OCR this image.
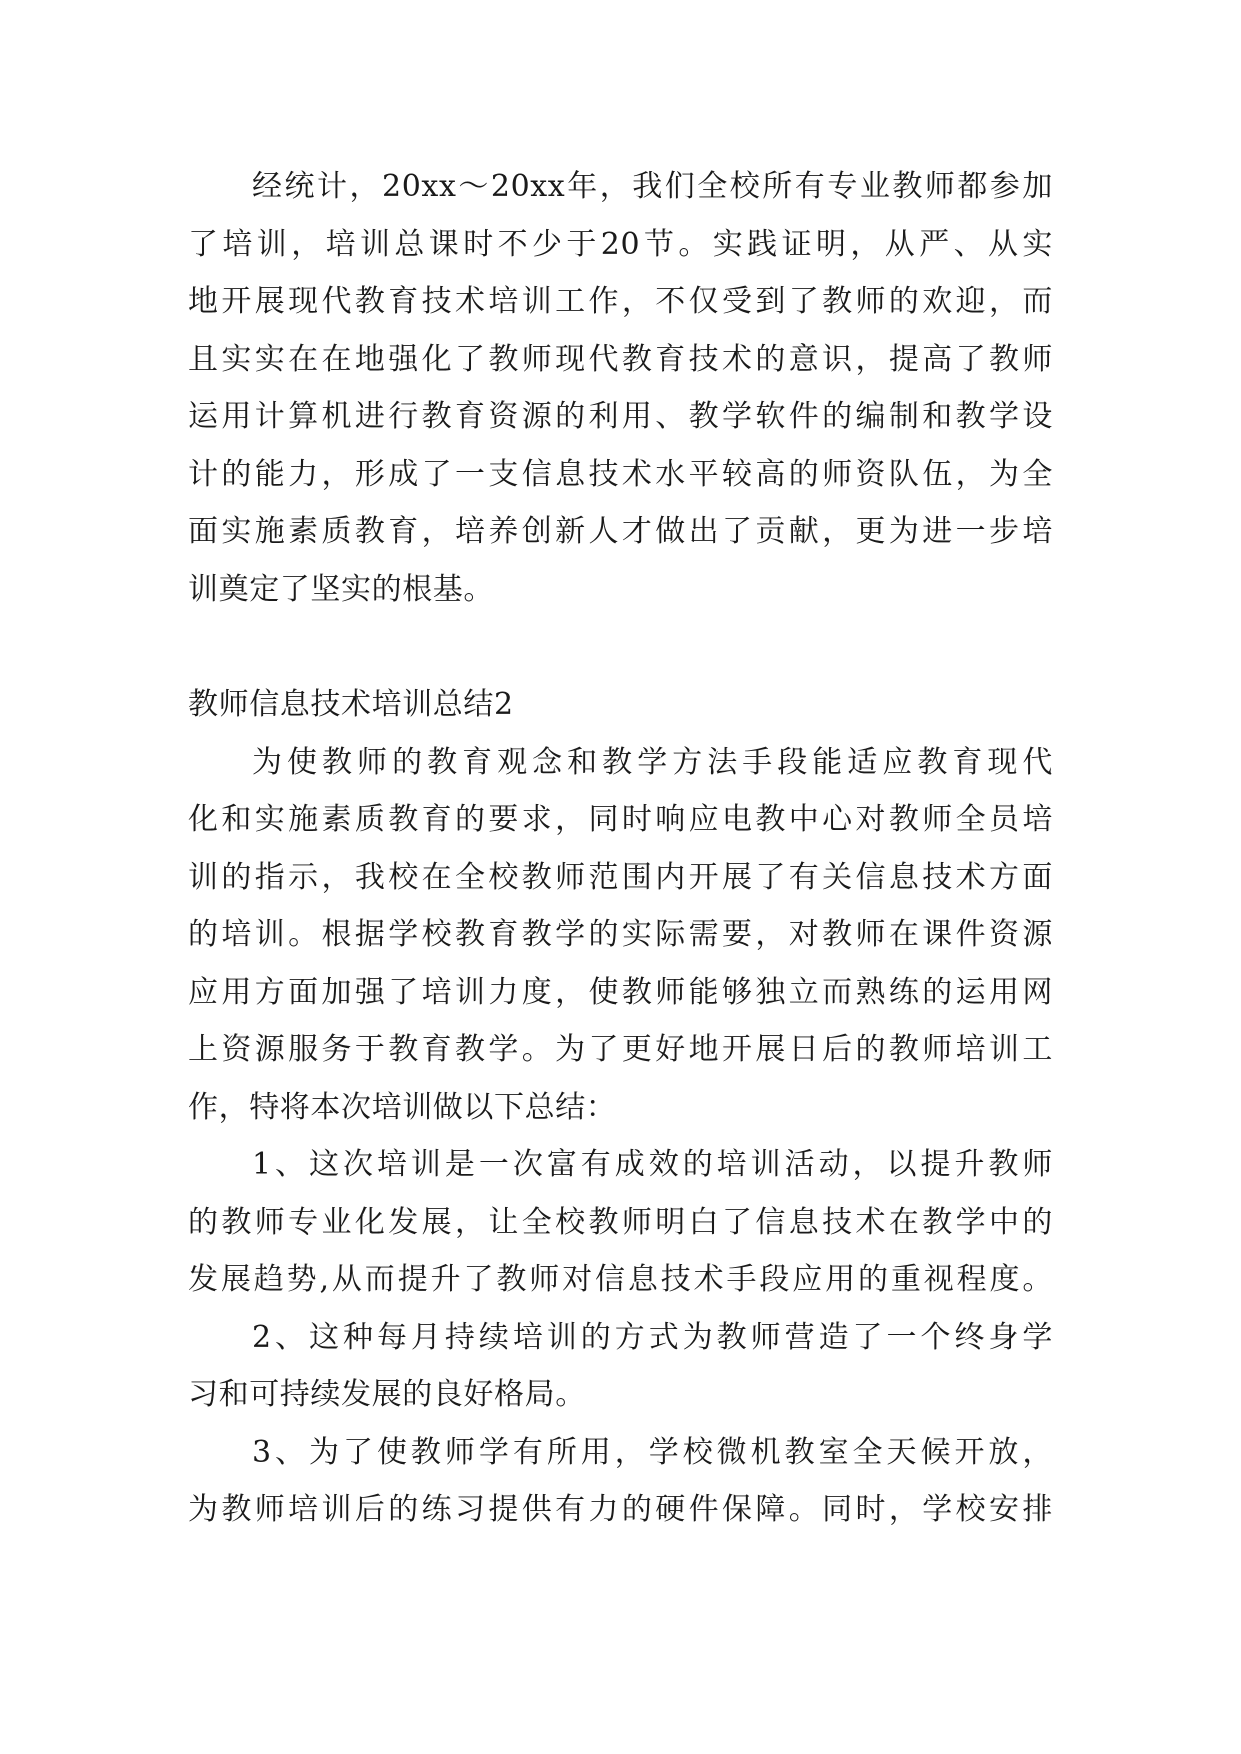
经统计，20xx～20xx年，我们全校所有专业教师都参加
了培训，培训总课时不少于20节。实践证明，从严、从实
地开展现代教育技术培训工作，不仅受到了教师的欢迎，而
且实实在在地强化了教师现代教育技术的意识，提高了教师
运用计算机进行教育资源的利用、教学软件的编制和教学设
计的能力，形成了一支信息技术水平较高的师资队伍，为全
面实施素质教育，培养创新人才做出了贡献，更为进一步培
训奠定了坚实的根基。
教师信息技术培训总结2
为使教师的教育观念和教学方法手段能适应教育现代
化和实施素质教育的要求，同时响应电教中心对教师全员培
训的指示，我校在全校教师范围内开展了有关信息技术方面
的培训。根据学校教育教学的实际需要，对教师在课件资源
应用方面加强了培训力度，使教师能够独立而熟练的运用网
上资源服务于教育教学。为了更好地开展日后的教师培训工
作，特将本次培训做以下总结：
1、这次培训是一次富有成效的培训活动，以提升教师
的教师专业化发展，让全校教师明白了信息技术在教学中的
发展趋势,从而提升了教师对信息技术手段应用的重视程度。
2、这种每月持续培训的方式为教师营造了一个终身学
习和可持续发展的良好格局。
3、为了使教师学有所用，学校微机教室全天候开放，
为教师培训后的练习提供有力的硬件保障。同时，学校安排
